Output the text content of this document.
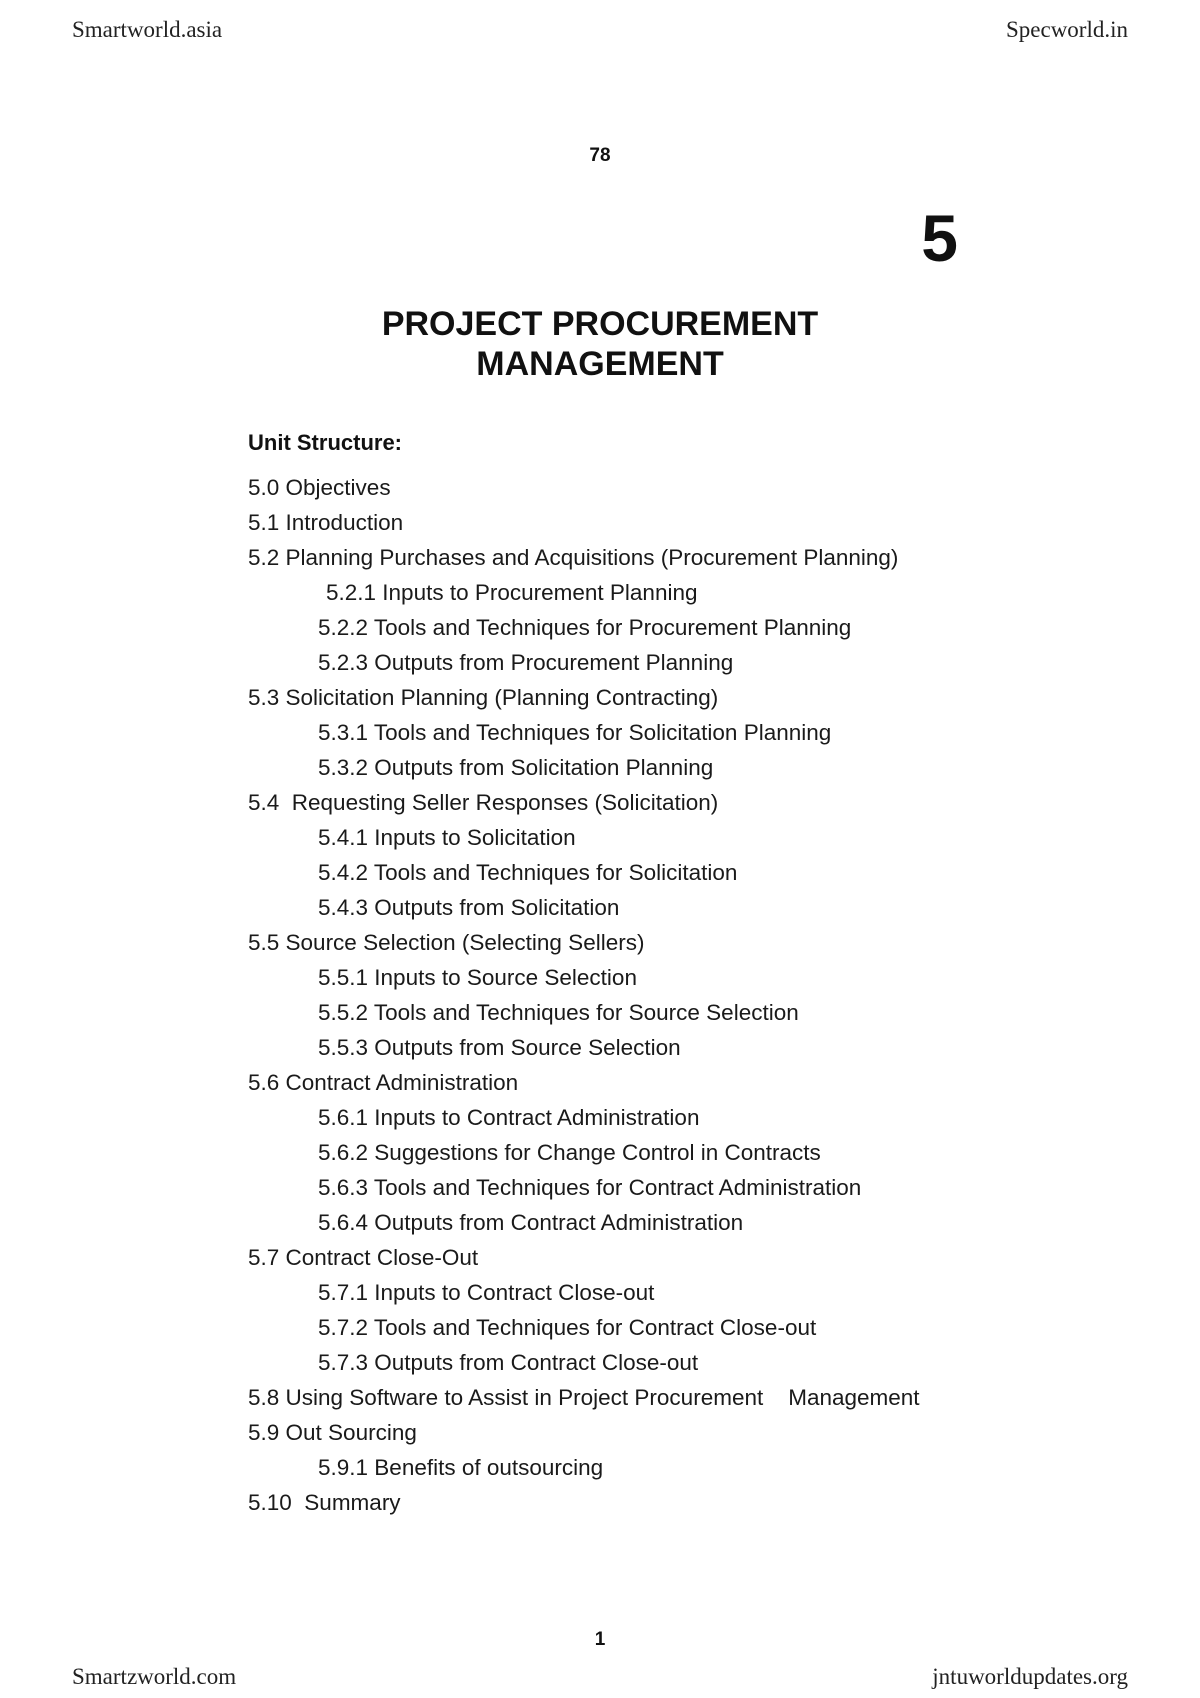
Smartworld.asia	Specworld.in
78
5
PROJECT PROCUREMENT
MANAGEMENT
Unit Structure:
5.0 Objectives
5.1 Introduction
5.2 Planning Purchases and Acquisitions (Procurement Planning)
5.2.1 Inputs to Procurement Planning
5.2.2 Tools and Techniques for Procurement Planning
5.2.3 Outputs from Procurement Planning
5.3 Solicitation Planning (Planning Contracting)
5.3.1 Tools and Techniques for Solicitation Planning
5.3.2 Outputs from Solicitation Planning
5.4  Requesting Seller Responses (Solicitation)
5.4.1 Inputs to Solicitation
5.4.2 Tools and Techniques for Solicitation
5.4.3 Outputs from Solicitation
5.5 Source Selection (Selecting Sellers)
5.5.1 Inputs to Source Selection
5.5.2 Tools and Techniques for Source Selection
5.5.3 Outputs from Source Selection
5.6 Contract Administration
5.6.1 Inputs to Contract Administration
5.6.2 Suggestions for Change Control in Contracts
5.6.3 Tools and Techniques for Contract Administration
5.6.4 Outputs from Contract Administration
5.7 Contract Close-Out
5.7.1 Inputs to Contract Close-out
5.7.2 Tools and Techniques for Contract Close-out
5.7.3 Outputs from Contract Close-out
5.8 Using Software to Assist in Project Procurement    Management
5.9 Out Sourcing
5.9.1 Benefits of outsourcing
5.10  Summary
1
Smartzworld.com	jntuworldupdates.org
